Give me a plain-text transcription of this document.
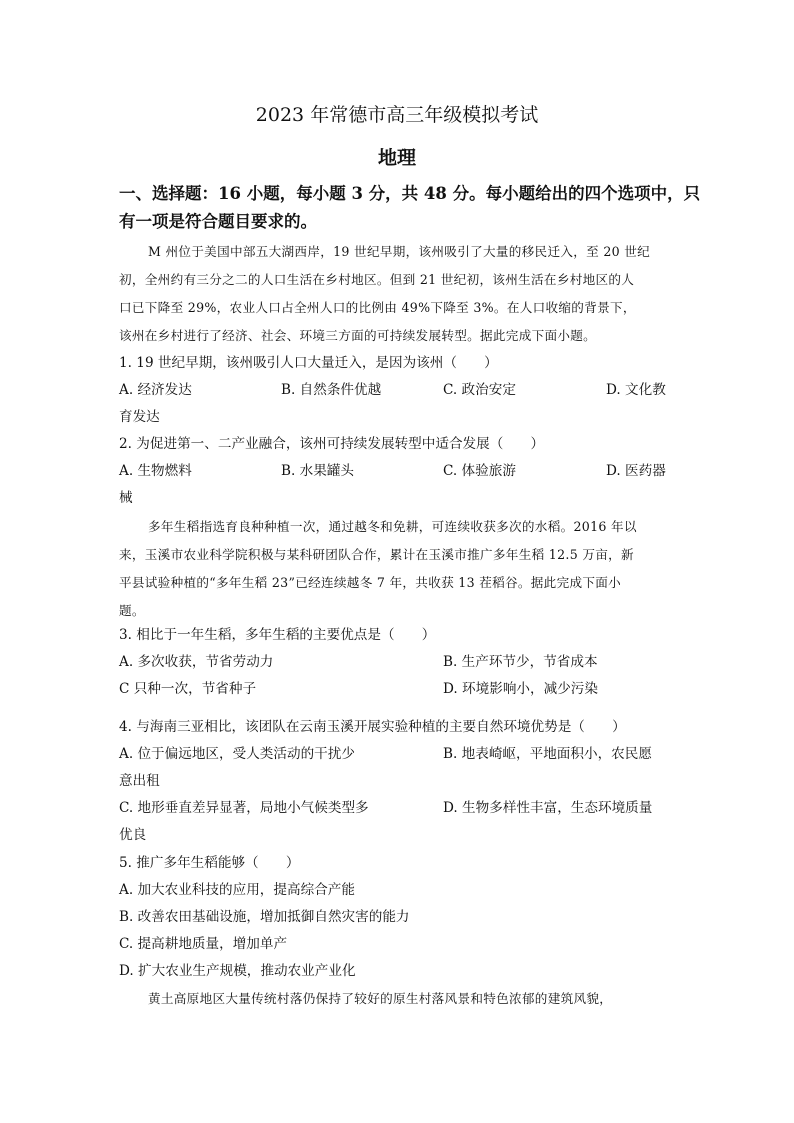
2023 年常德市高三年级模拟考试
地理
一、选择题：16 小题，每小题 3 分，共 48 分。每小题给出的四个选项中，只
有一项是符合题目要求的。
M 州位于美国中部五大湖西岸，19 世纪早期，该州吸引了大量的移民迁入，至 20 世纪
初，全州约有三分之二的人口生活在乡村地区。但到 21 世纪初，该州生活在乡村地区的人
口已下降至 29%，农业人口占全州人口的比例由 49%下降至 3%。在人口收缩的背景下，
该州在乡村进行了经济、社会、环境三方面的可持续发展转型。据此完成下面小题。
1. 19 世纪早期，该州吸引人口大量迁入，是因为该州（　　）
A. 经济发达	B. 自然条件优越	C. 政治安定	D. 文化教
育发达
2. 为促进第一、二产业融合，该州可持续发展转型中适合发展（　　）
A. 生物燃料	B. 水果罐头	C. 体验旅游	D. 医药器
械
多年生稻指选育良种种植一次，通过越冬和免耕，可连续收获多次的水稻。2016 年以
来，玉溪市农业科学院积极与某科研团队合作，累计在玉溪市推广多年生稻 12.5 万亩，新
平县试验种植的“多年生稻 23”已经连续越冬 7 年，共收获 13 茬稻谷。据此完成下面小
题。
3. 相比于一年生稻，多年生稻的主要优点是（　　）
A. 多次收获，节省劳动力	B. 生产环节少，节省成本
C 只种一次，节省种子	D. 环境影响小，减少污染
4. 与海南三亚相比，该团队在云南玉溪开展实验种植的主要自然环境优势是（　　）
A. 位于偏远地区，受人类活动的干扰少	B. 地表崎岖，平地面积小，农民愿
意出租
C. 地形垂直差异显著，局地小气候类型多	D. 生物多样性丰富，生态环境质量
优良
5. 推广多年生稻能够（　　）
A. 加大农业科技的应用，提高综合产能
B. 改善农田基础设施，增加抵御自然灾害的能力
C. 提高耕地质量，增加单产
D. 扩大农业生产规模，推动农业产业化
黄土高原地区大量传统村落仍保持了较好的原生村落风景和特色浓郁的建筑风貌，
